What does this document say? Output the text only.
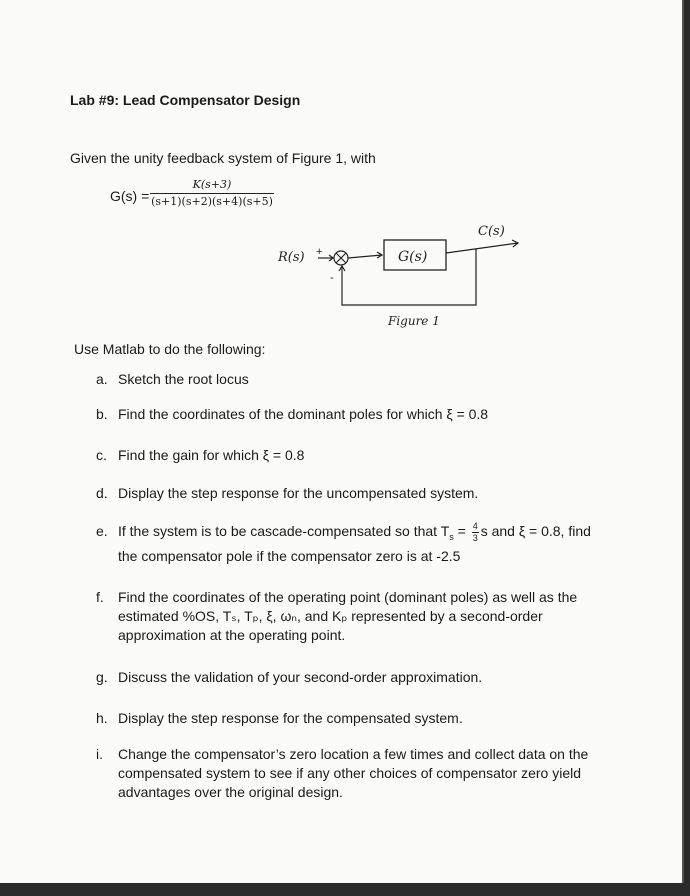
Lab #9: Lead Compensator Design
Given the unity feedback system of Figure 1, with
G(s) =
K(s+3)
(s+1)(s+2)(s+4)(s+5)
R(s) +
-
G(s)
C(s)
Figure 1
Use Matlab to do the following:
a. Sketch the root locus
b. Find the coordinates of the dominant poles for which ξ = 0.8
c. Find the gain for which ξ = 0.8
d. Display the step response for the uncompensated system.
e. If the system is to be cascade-compensated so that $T_s = \frac{4}{3}$ s and ξ = 0.8, find
the compensator pole if the compensator zero is at -2.5
f. Find the coordinates of the operating point (dominant poles) as well as the
estimated %OS, Tₛ, Tₚ, ξ, ωₙ, and Kₚ represented by a second-order
approximation at the operating point.
g. Discuss the validation of your second-order approximation.
h. Display the step response for the compensated system.
i. Change the compensator’s zero location a few times and collect data on the
compensated system to see if any other choices of compensator zero yield
advantages over the original design.
